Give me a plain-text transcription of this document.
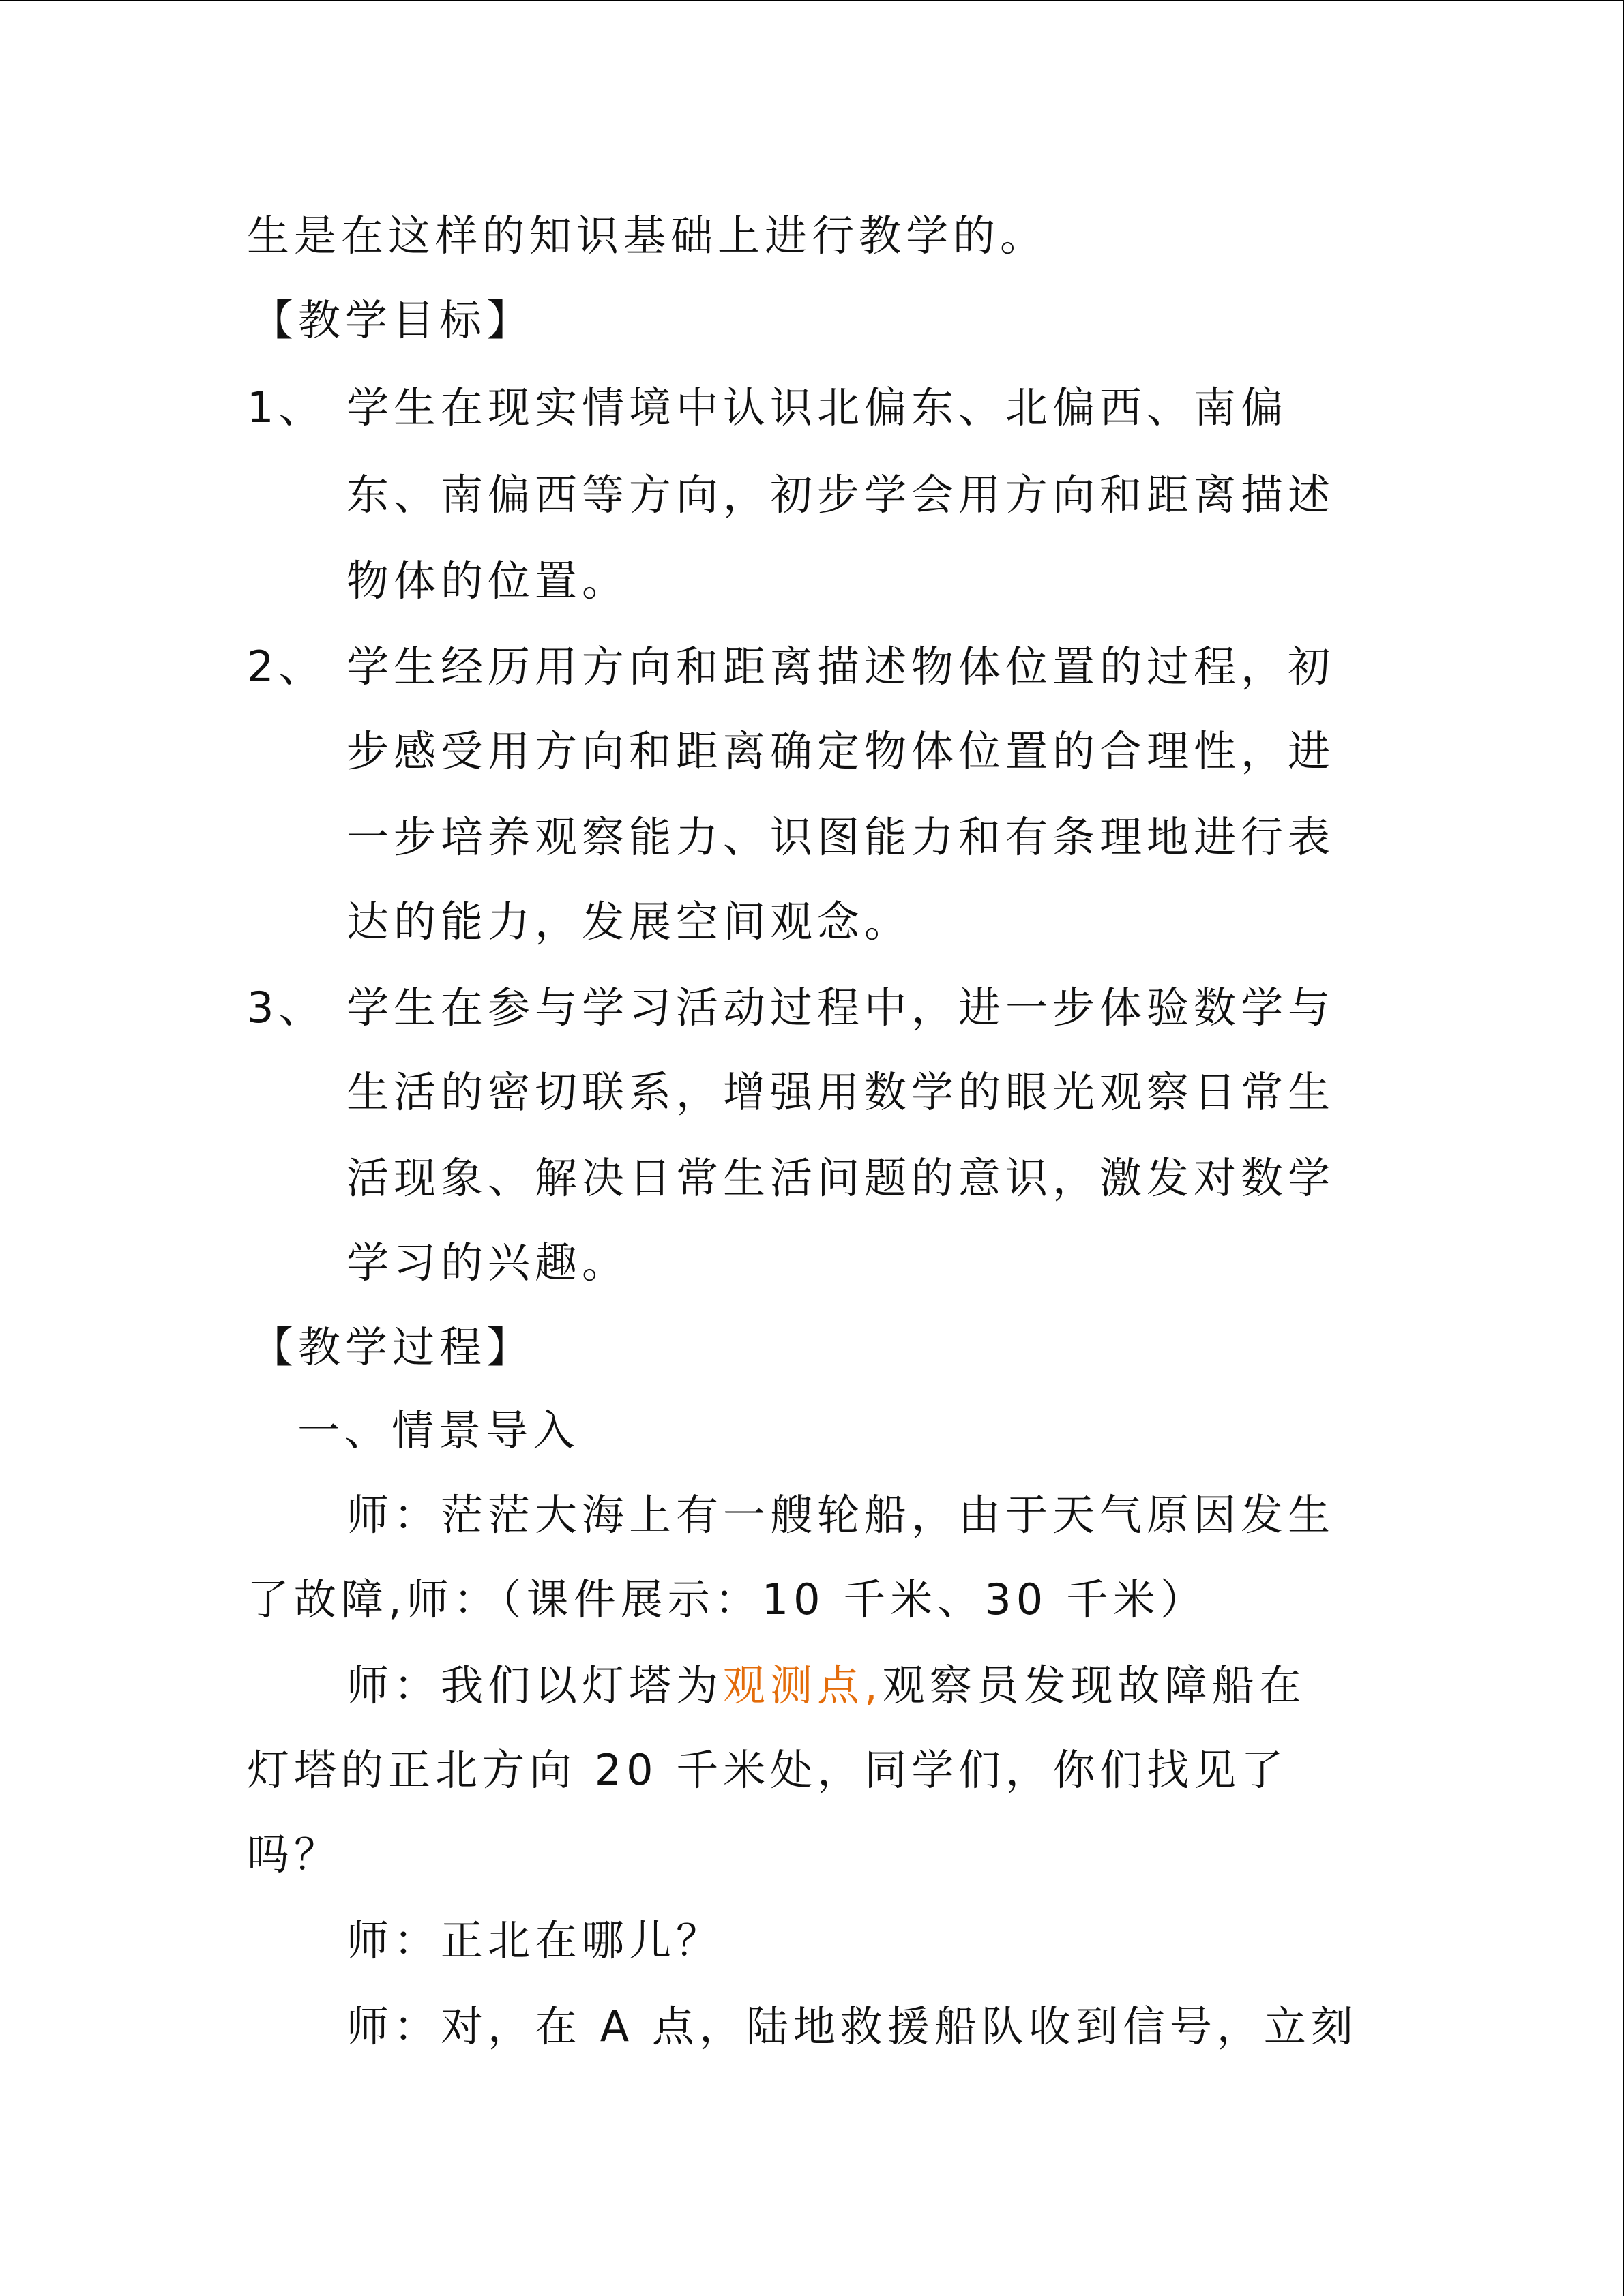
生是在这样的知识基础上进行教学的。
【教学目标】
1、 学生在现实情境中认识北偏东、北偏西、南偏
东、南偏西等方向，初步学会用方向和距离描述
物体的位置。
2、 学生经历用方向和距离描述物体位置的过程，初
步感受用方向和距离确定物体位置的合理性，进
一步培养观察能力、识图能力和有条理地进行表
达的能力，发展空间观念。
3、 学生在参与学习活动过程中，进一步体验数学与
生活的密切联系，增强用数学的眼光观察日常生
活现象、解决日常生活问题的意识，激发对数学
学习的兴趣。
【教学过程】
一、情景导入
师：茫茫大海上有一艘轮船，由于天气原因发生
了故障,师：（课件展示：10 千米、30 千米）
师：我们以灯塔为观测点,观察员发现故障船在
灯塔的正北方向 20 千米处，同学们，你们找见了
吗？
师：正北在哪儿？
师：对，在 A 点，陆地救援船队收到信号，立刻
